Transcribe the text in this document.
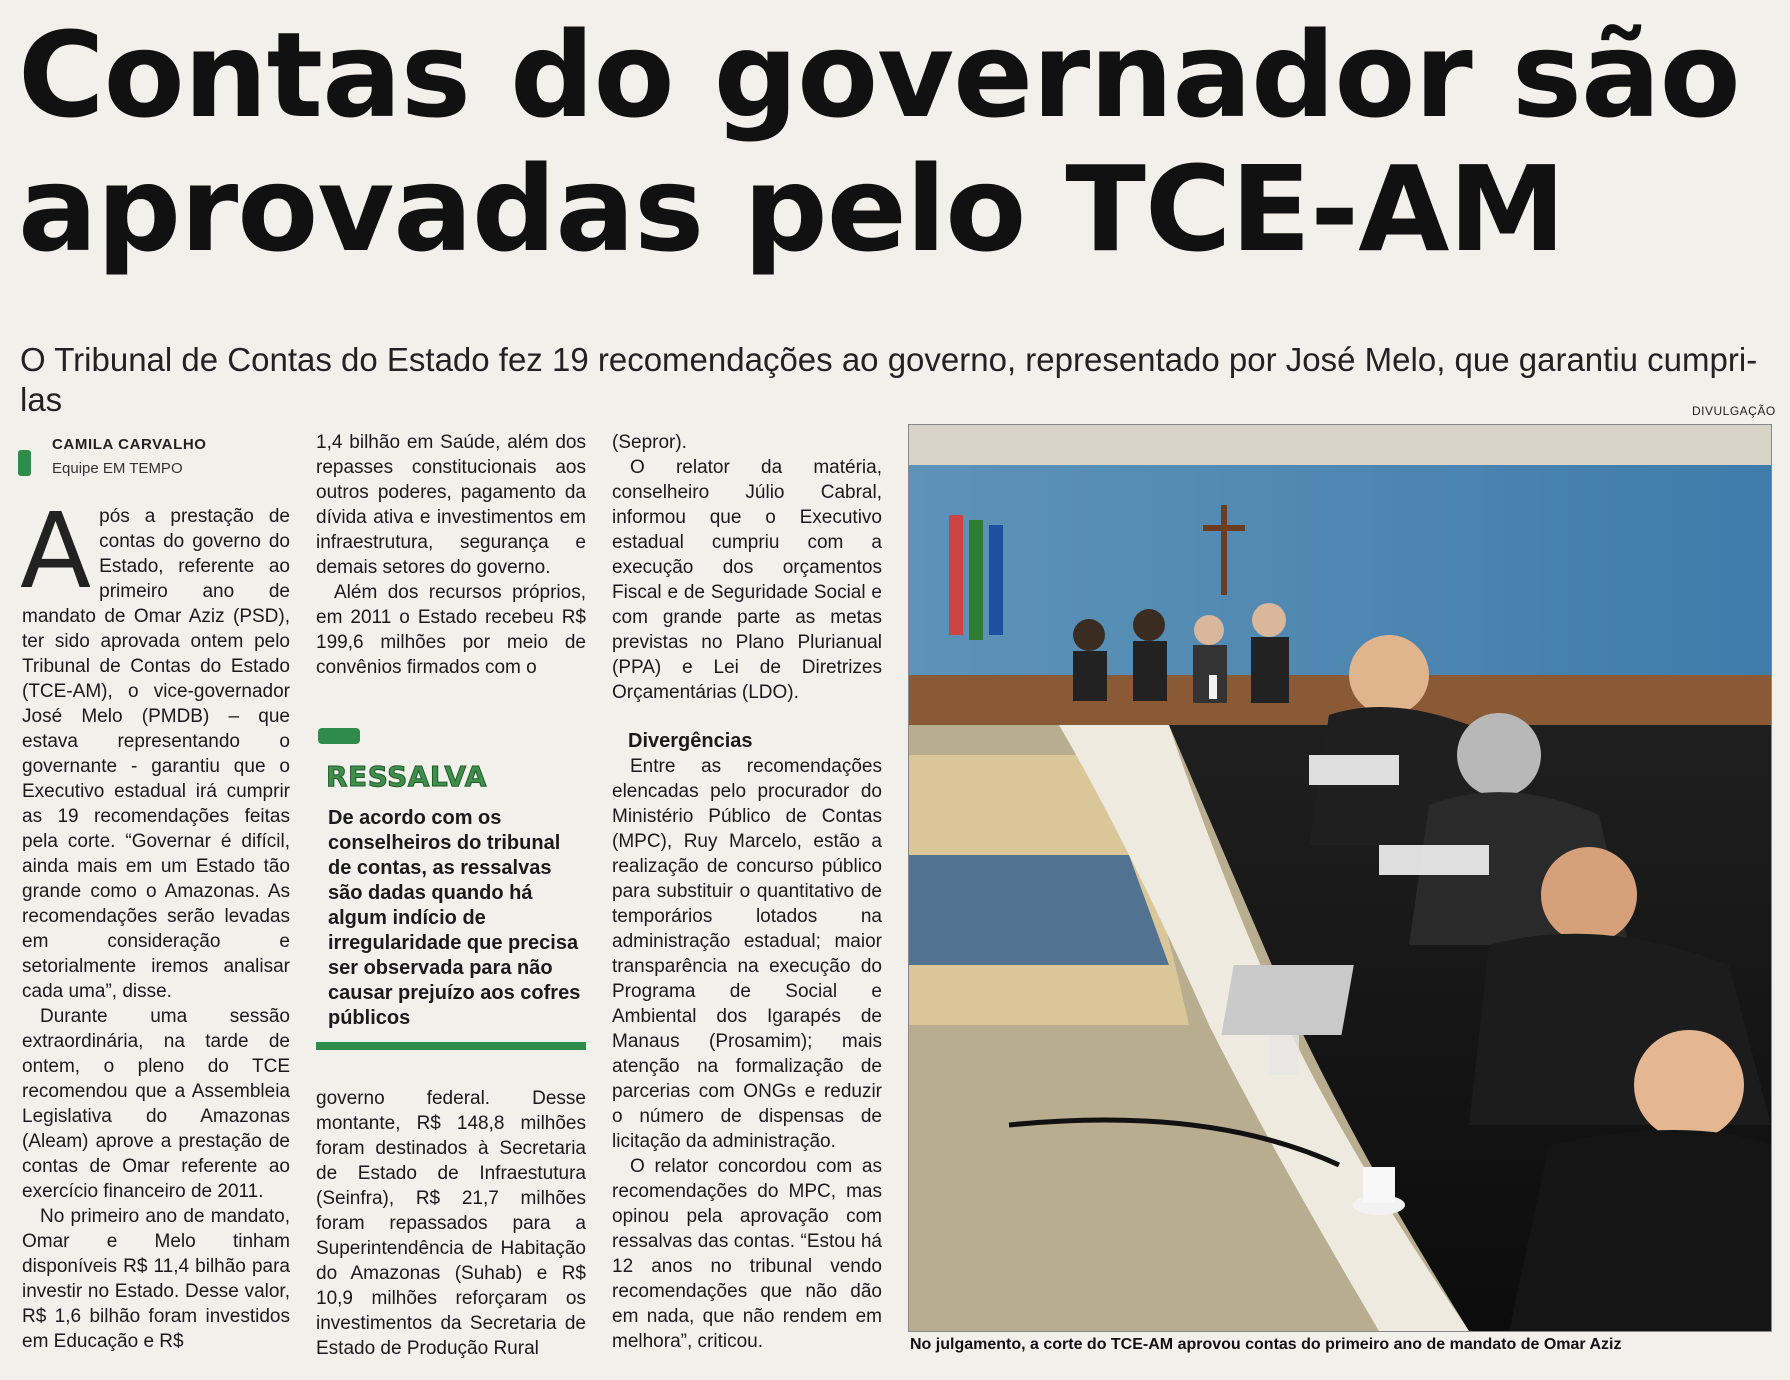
Contas do governador são
aprovadas pelo TCE-AM

O Tribunal de Contas do Estado fez 19 recomendações ao governo, representado por José Melo, que garantiu cumpri-las

CAMILA CARVALHO
Equipe EM TEMPO

Após a prestação de contas do governo do Estado, referente ao primeiro ano de mandato de Omar Aziz (PSD), ter sido aprovada ontem pelo Tribunal de Contas do Estado (TCE-AM), o vice-governador José Melo (PMDB) – que estava representando o governante - garantiu que o Executivo estadual irá cumprir as 19 recomendações feitas pela corte. “Governar é difícil, ainda mais em um Estado tão grande como o Amazonas. As recomendações serão levadas em consideração e setorialmente iremos analisar cada uma”, disse.

Durante uma sessão extraordinária, na tarde de ontem, o pleno do TCE recomendou que a Assembleia Legislativa do Amazonas (Aleam) aprove a prestação de contas de Omar referente ao exercício financeiro de 2011.

No primeiro ano de mandato, Omar e Melo tinham disponíveis R$ 11,4 bilhão para investir no Estado. Desse valor, R$ 1,6 bilhão foram investidos em Educação e R$

1,4 bilhão em Saúde, além dos repasses constitucionais aos outros poderes, pagamento da dívida ativa e investimentos em infraestrutura, segurança e demais setores do governo.

Além dos recursos próprios, em 2011 o Estado recebeu R$ 199,6 milhões por meio de convênios firmados com o

RESSALVA
De acordo com os conselheiros do tribunal de contas, as ressalvas são dadas quando há algum indício de irregularidade que precisa ser observada para não causar prejuízo aos cofres públicos

governo federal. Desse montante, R$ 148,8 milhões foram destinados à Secretaria de Estado de Infraestutura (Seinfra), R$ 21,7 milhões foram repassados para a Superintendência de Habitação do Amazonas (Suhab) e R$ 10,9 milhões reforçaram os investimentos da Secretaria de Estado de Produção Rural

(Sepror).

O relator da matéria, conselheiro Júlio Cabral, informou que o Executivo estadual cumpriu com a execução dos orçamentos Fiscal e de Seguridade Social e com grande parte as metas previstas no Plano Plurianual (PPA) e Lei de Diretrizes Orçamentárias (LDO).

Divergências

Entre as recomendações elencadas pelo procurador do Ministério Público de Contas (MPC), Ruy Marcelo, estão a realização de concurso público para substituir o quantitativo de temporários lotados na administração estadual; maior transparência na execução do Programa de Social e Ambiental dos Igarapés de Manaus (Prosamim); mais atenção na formalização de parcerias com ONGs e reduzir o número de dispensas de licitação da administração.

O relator concordou com as recomendações do MPC, mas opinou pela aprovação com ressalvas das contas. “Estou há 12 anos no tribunal vendo recomendações que não dão em nada, que não rendem em melhora”, criticou.

DIVULGAÇÃO
No julgamento, a corte do TCE-AM aprovou contas do primeiro ano de mandato de Omar Aziz
